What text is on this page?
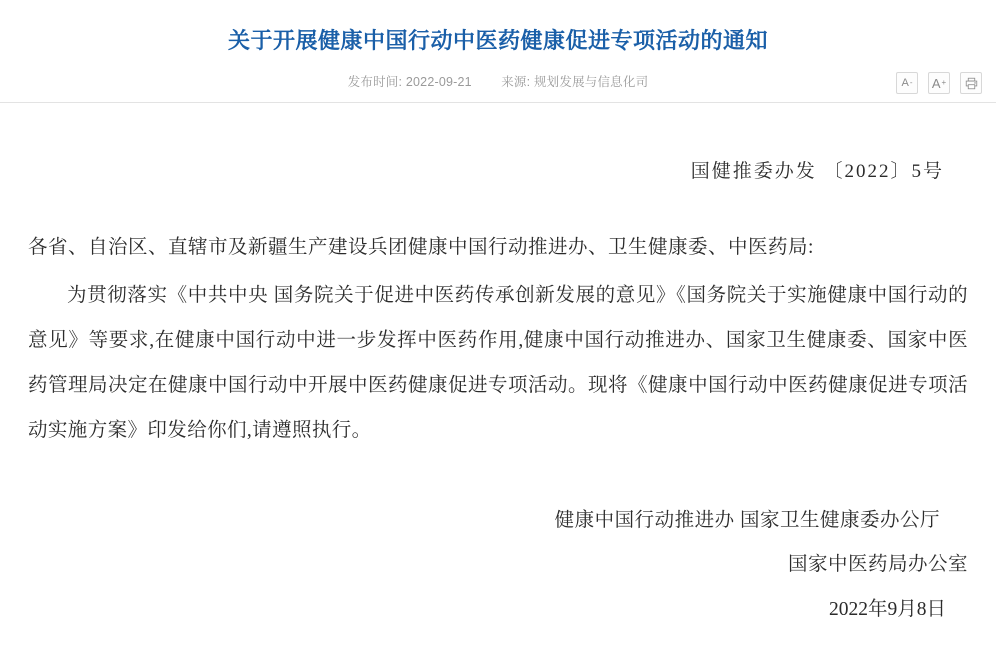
关于开展健康中国行动中医药健康促进专项活动的通知
发布时间: 2022-09-21 来源: 规划发展与信息化司	A - A +
国健推委办发 〔2022〕5号
各省、自治区、直辖市及新疆生产建设兵团健康中国行动推进办、卫生健康委、中医药局:
为贯彻落实《中共中央 国务院关于促进中医药传承创新发展的意见》《国务院关于实施健康中国行动的意见》等要求,在健康中国行动中进一步发挥中医药作用,健康中国行动推进办、国家卫生健康委、国家中医药管理局决定在健康中国行动中开展中医药健康促进专项活动。现将《健康中国行动中医药健康促进专项活动实施方案》印发给你们,请遵照执行。
健康中国行动推进办 国家卫生健康委办公厅
国家中医药局办公室
2022年9月8日
